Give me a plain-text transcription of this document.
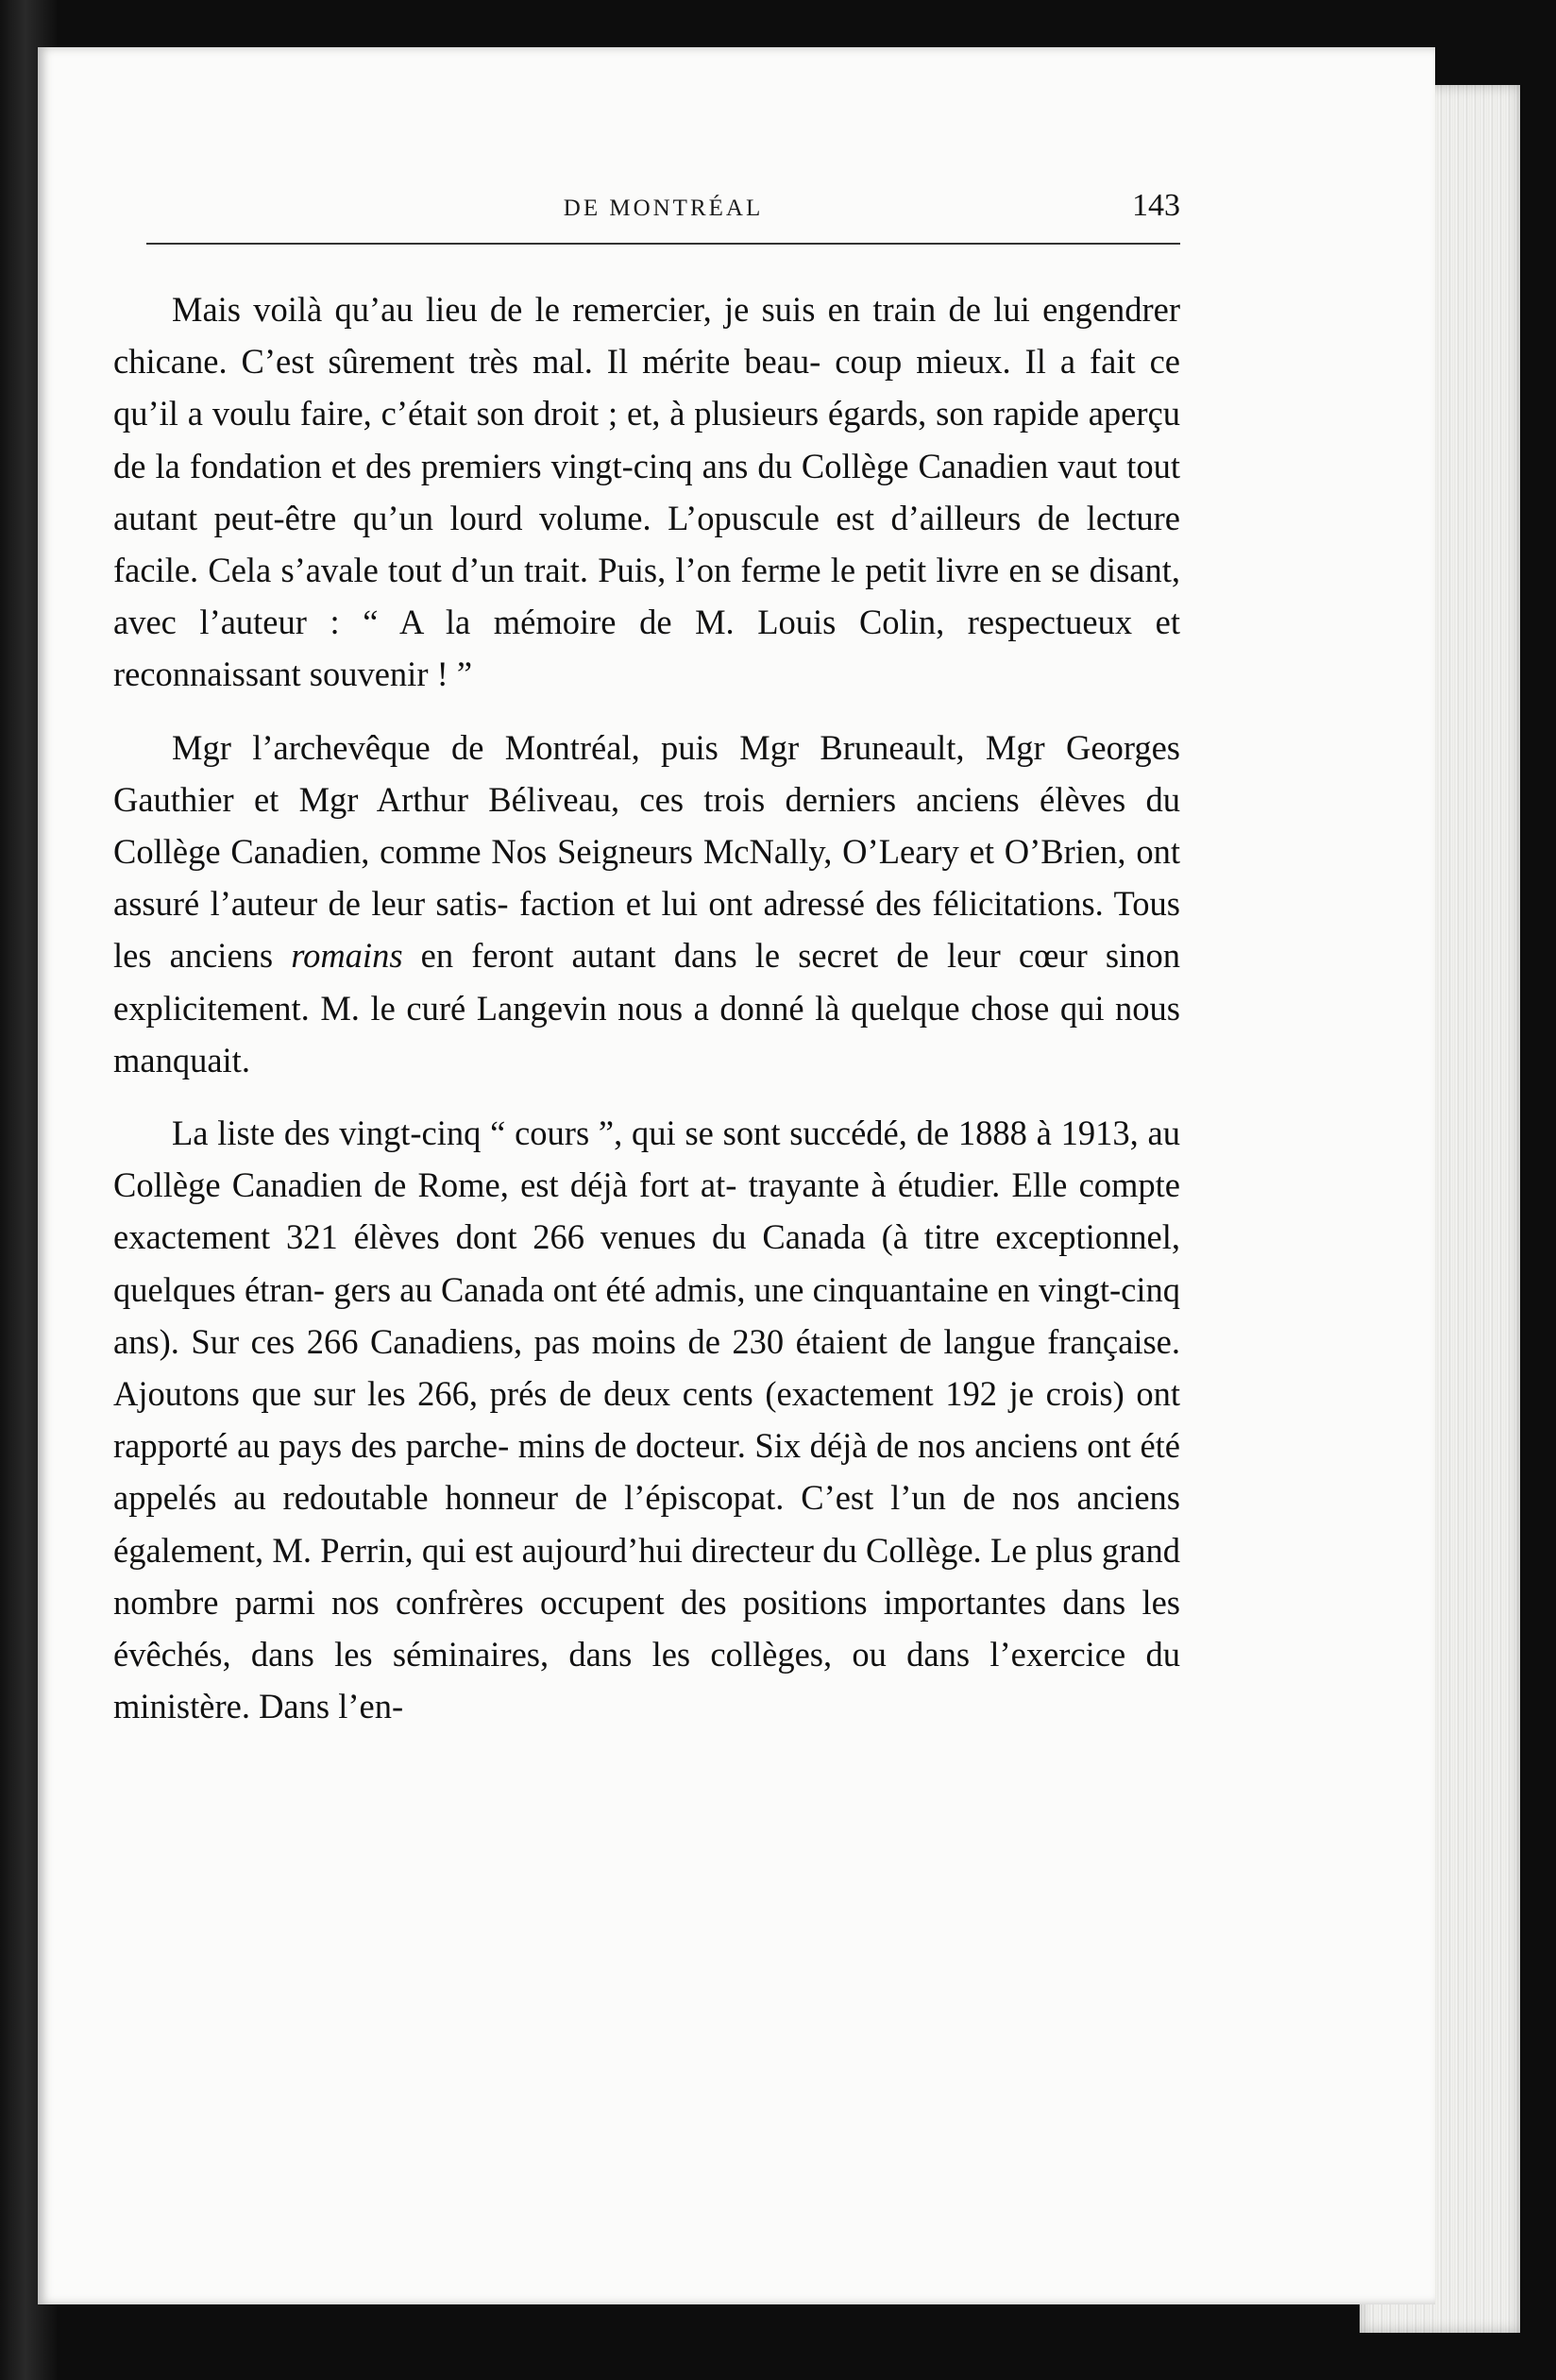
DE MONTRÉAL	143

Mais voilà qu’au lieu de le remercier, je suis en train de lui engendrer chicane. C’est sûrement très mal. Il mérite beau- coup mieux. Il a fait ce qu’il a voulu faire, c’était son droit ; et, à plusieurs égards, son rapide aperçu de la fondation et des premiers vingt-cinq ans du Collège Canadien vaut tout autant peut-être qu’un lourd volume. L’opuscule est d’ailleurs de lecture facile. Cela s’avale tout d’un trait. Puis, l’on ferme le petit livre en se disant, avec l’auteur : “ A la mémoire de M. Louis Colin, respectueux et reconnaissant souvenir ! ”

Mgr l’archevêque de Montréal, puis Mgr Bruneault, Mgr Georges Gauthier et Mgr Arthur Béliveau, ces trois derniers anciens élèves du Collège Canadien, comme Nos Seigneurs McNally, O’Leary et O’Brien, ont assuré l’auteur de leur satis- faction et lui ont adressé des félicitations. Tous les anciens romains en feront autant dans le secret de leur cœur sinon explicitement. M. le curé Langevin nous a donné là quelque chose qui nous manquait.

La liste des vingt-cinq “ cours ”, qui se sont succédé, de 1888 à 1913, au Collège Canadien de Rome, est déjà fort at- trayante à étudier. Elle compte exactement 321 élèves dont 266 venues du Canada (à titre exceptionnel, quelques étran- gers au Canada ont été admis, une cinquantaine en vingt-cinq ans). Sur ces 266 Canadiens, pas moins de 230 étaient de langue française. Ajoutons que sur les 266, prés de deux cents (exactement 192 je crois) ont rapporté au pays des parche- mins de docteur. Six déjà de nos anciens ont été appelés au redoutable honneur de l’épiscopat. C’est l’un de nos anciens également, M. Perrin, qui est aujourd’hui directeur du Collège. Le plus grand nombre parmi nos confrères occupent des positions importantes dans les évêchés, dans les séminaires, dans les collèges, ou dans l’exercice du ministère. Dans l’en-
